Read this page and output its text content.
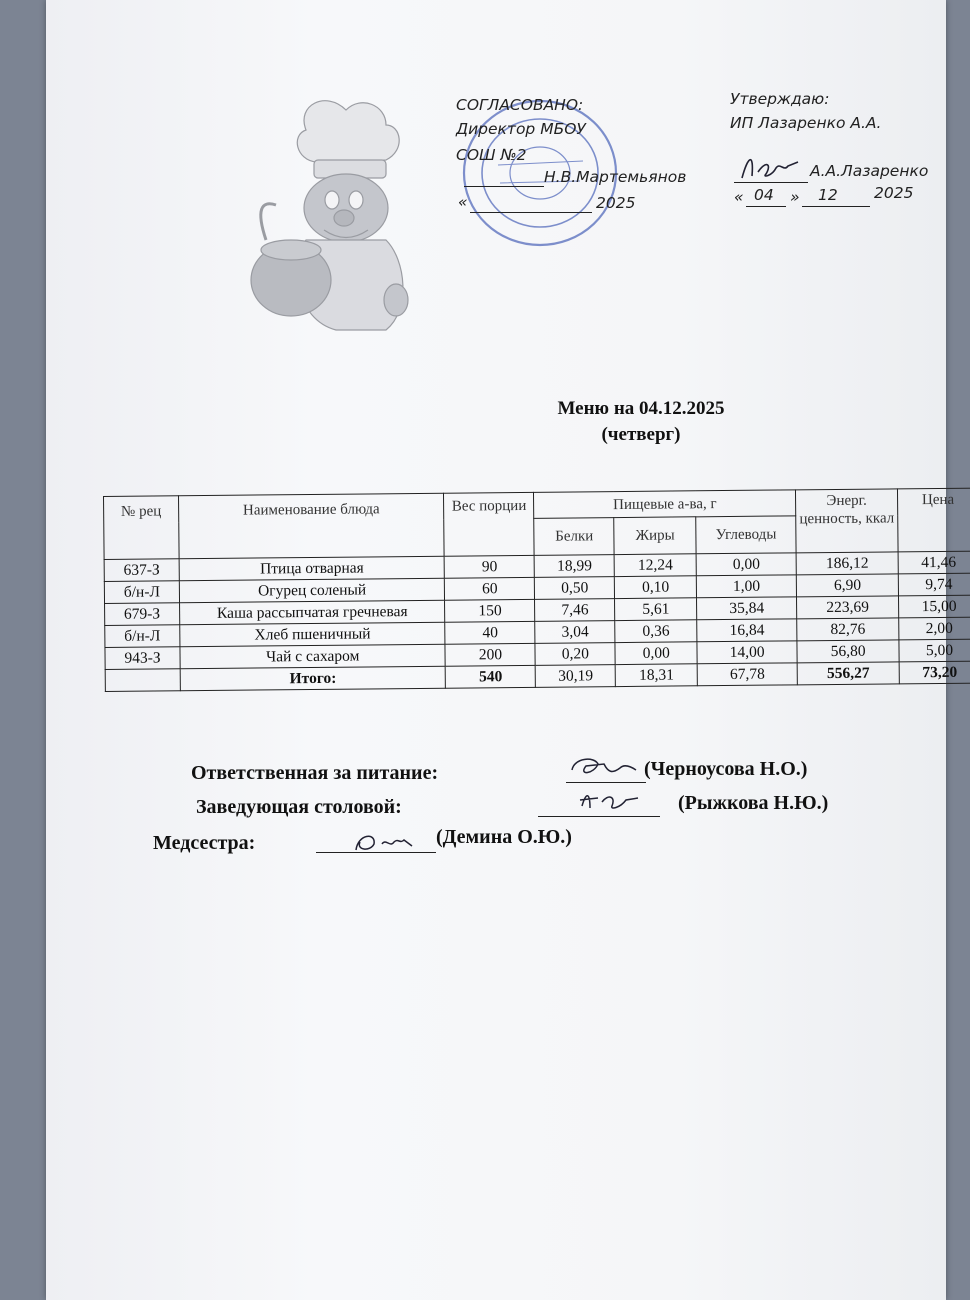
СОГЛАСОВАНО:
Директор МБОУ
СОШ №2
Н.В.Мартемьянов
«	2025
Утверждаю:
ИП Лазаренко А.А.
А.А.Лазаренко
« 04 » 12 2025
Меню на 04.12.2025
(четверг)
№ рец	Наименование блюда	Вес порции	Пищевые а-ва, г			Энерг. ценность, ккал	Цена
			Белки	Жиры	Углеводы		
637-З	Птица отварная	90	18,99	12,24	0,00	186,12	41,46
б/н-Л	Огурец соленый	60	0,50	0,10	1,00	6,90	9,74
679-З	Каша рассыпчатая гречневая	150	7,46	5,61	35,84	223,69	15,00
б/н-Л	Хлеб пшеничный	40	3,04	0,36	16,84	82,76	2,00
943-З	Чай с сахаром	200	0,20	0,00	14,00	56,80	5,00
	Итого:	540	30,19	18,31	67,78	556,27	73,20
Ответственная за питание:	(Черноусова Н.О.)
Заведующая столовой:	(Рыжкова Н.Ю.)
Медсестра:	(Демина О.Ю.)
